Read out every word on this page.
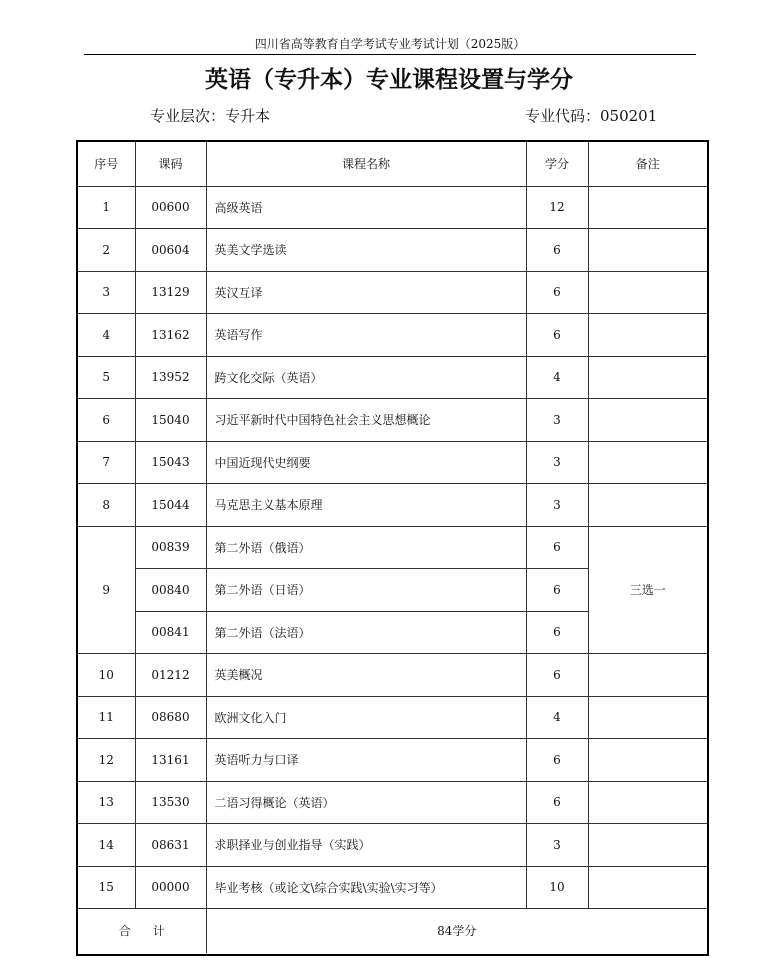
四川省高等教育自学考试专业考试计划（2025版）
英语（专升本）专业课程设置与学分
专业层次：专升本	专业代码：050201
序号	课码	课程名称	学分	备注
1	00600	高级英语	12	
2	00604	英美文学选读	6	
3	13129	英汉互译	6	
4	13162	英语写作	6	
5	13952	跨文化交际（英语）	4	
6	15040	习近平新时代中国特色社会主义思想概论	3	
7	15043	中国近现代史纲要	3	
8	15044	马克思主义基本原理	3	
9	00839	第二外语（俄语）	6	三选一
	00840	第二外语（日语）	6	
	00841	第二外语（法语）	6	
10	01212	英美概况	6	
11	08680	欧洲文化入门	4	
12	13161	英语听力与口译	6	
13	13530	二语习得概论（英语）	6	
14	08631	求职择业与创业指导（实践）	3	
15	00000	毕业考核（或论文\综合实践\实验\实习等）	10	
合计		84学分		
